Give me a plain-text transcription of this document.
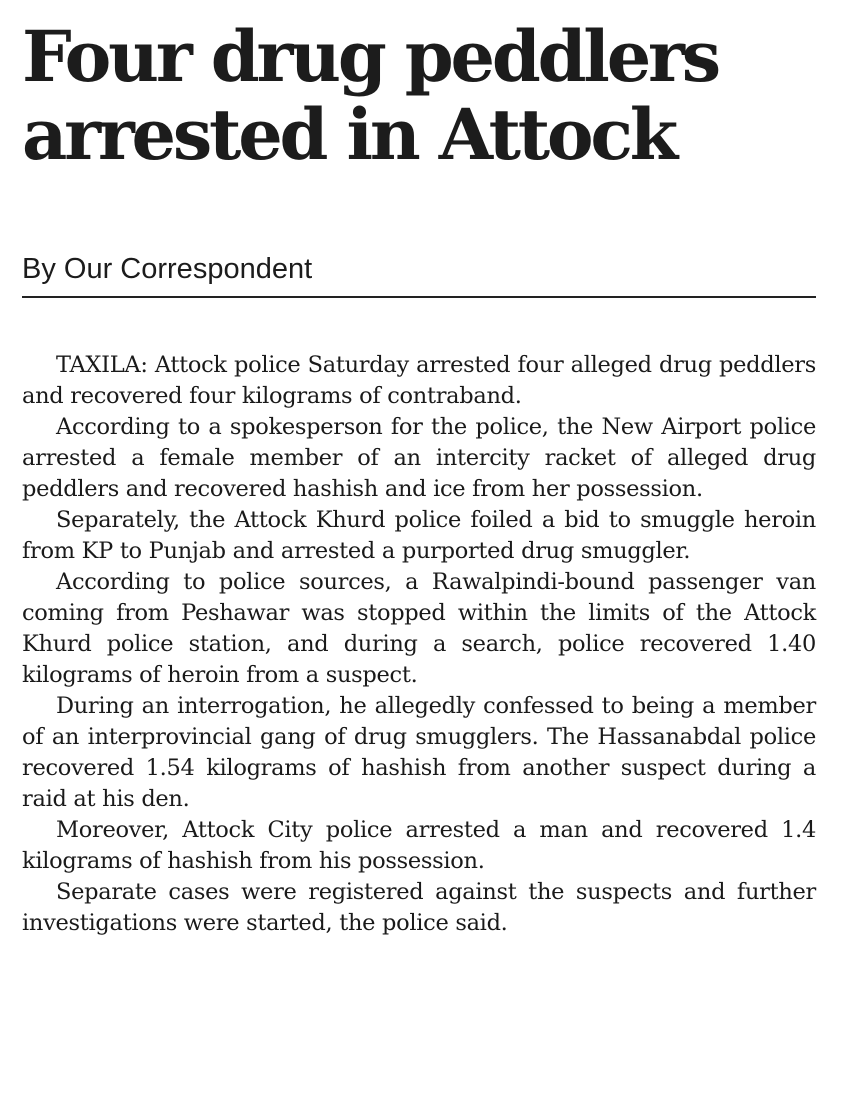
Four drug peddlers
arrested in Attock
By Our Correspondent

TAXILA: Attock police Saturday arrested four alleged drug peddlers and recovered four kilograms of contraband.

According to a spokesperson for the police, the New Airport police arrested a female member of an intercity racket of alleged drug peddlers and recovered hashish and ice from her possession.

Separately, the Attock Khurd police foiled a bid to smuggle heroin from KP to Punjab and arrested a purported drug smuggler.

According to police sources, a Rawalpindi-bound passenger van coming from Peshawar was stopped within the limits of the Attock Khurd police station, and during a search, police recovered 1.40 kilograms of heroin from a suspect.

During an interrogation, he allegedly confessed to being a member of an interprovincial gang of drug smugglers. The Hassanabdal police recovered 1.54 kilograms of hashish from another suspect during a raid at his den.

Moreover, Attock City police arrested a man and recovered 1.4 kilograms of hashish from his possession.

Separate cases were registered against the suspects and further investigations were started, the police said.
